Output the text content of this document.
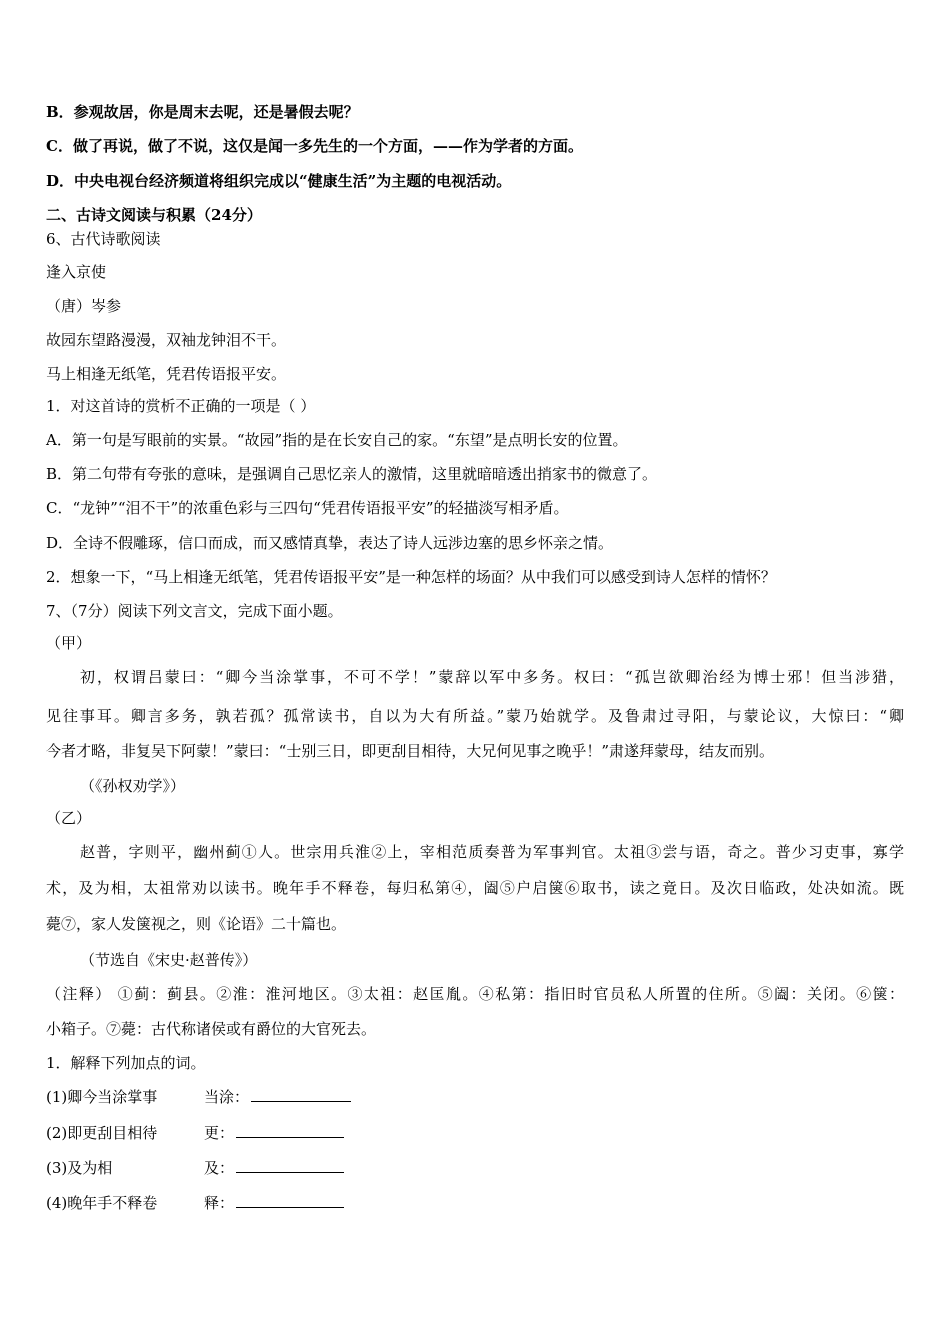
B．参观故居，你是周末去呢，还是暑假去呢？
C．做了再说，做了不说，这仅是闻一多先生的一个方面，——作为学者的方面。
D．中央电视台经济频道将组织完成以“健康生活”为主题的电视活动。
二、古诗文阅读与积累（24分）
6、古代诗歌阅读
逢入京使
（唐）岑参
故园东望路漫漫，双袖龙钟泪不干。
马上相逢无纸笔，凭君传语报平安。
1．对这首诗的赏析不正确的一项是（ ）
A．第一句是写眼前的实景。“故园”指的是在长安自己的家。“东望”是点明长安的位置。
B．第二句带有夸张的意味，是强调自己思忆亲人的激情，这里就暗暗透出捎家书的微意了。
C．“龙钟”“泪不干”的浓重色彩与三四句“凭君传语报平安”的轻描淡写相矛盾。
D．全诗不假雕琢，信口而成，而又感情真挚，表达了诗人远涉边塞的思乡怀亲之情。
2．想象一下，“马上相逢无纸笔，凭君传语报平安”是一种怎样的场面？从中我们可以感受到诗人怎样的情怀？
7、（7分）阅读下列文言文，完成下面小题。
（甲）
初，权谓吕蒙曰：“卿今当涂掌事，不可不学！”蒙辞以军中多务。权曰：“孤岂欲卿治经为博士邪！但当涉猎，
见往事耳。卿言多务，孰若孤？孤常读书，自以为大有所益。”蒙乃始就学。及鲁肃过寻阳，与蒙论议，大惊曰：“卿
今者才略，非复吴下阿蒙！”蒙曰：“士别三日，即更刮目相待，大兄何见事之晚乎！”肃遂拜蒙母，结友而别。
（《孙权劝学》）
（乙）
赵普，字则平，幽州蓟①人。世宗用兵淮②上，宰相范质奏普为军事判官。太祖③尝与语，奇之。普少习吏事，寡学
术，及为相，太祖常劝以读书。晚年手不释卷，每归私第④，阖⑤户启箧⑥取书，读之竟日。及次日临政，处决如流。既
薨⑦，家人发箧视之，则《论语》二十篇也。
（节选自《宋史·赵普传》）
（注释） ①蓟：蓟县。②淮：淮河地区。③太祖：赵匡胤。④私第：指旧时官员私人所置的住所。⑤阖：关闭。⑥箧：
小箱子。⑦薨：古代称诸侯或有爵位的大官死去。
1．解释下列加点的词。
(1)卿今当涂掌事	当涂：
(2)即更刮目相待	更：
(3)及为相	及：
(4)晚年手不释卷	释：
